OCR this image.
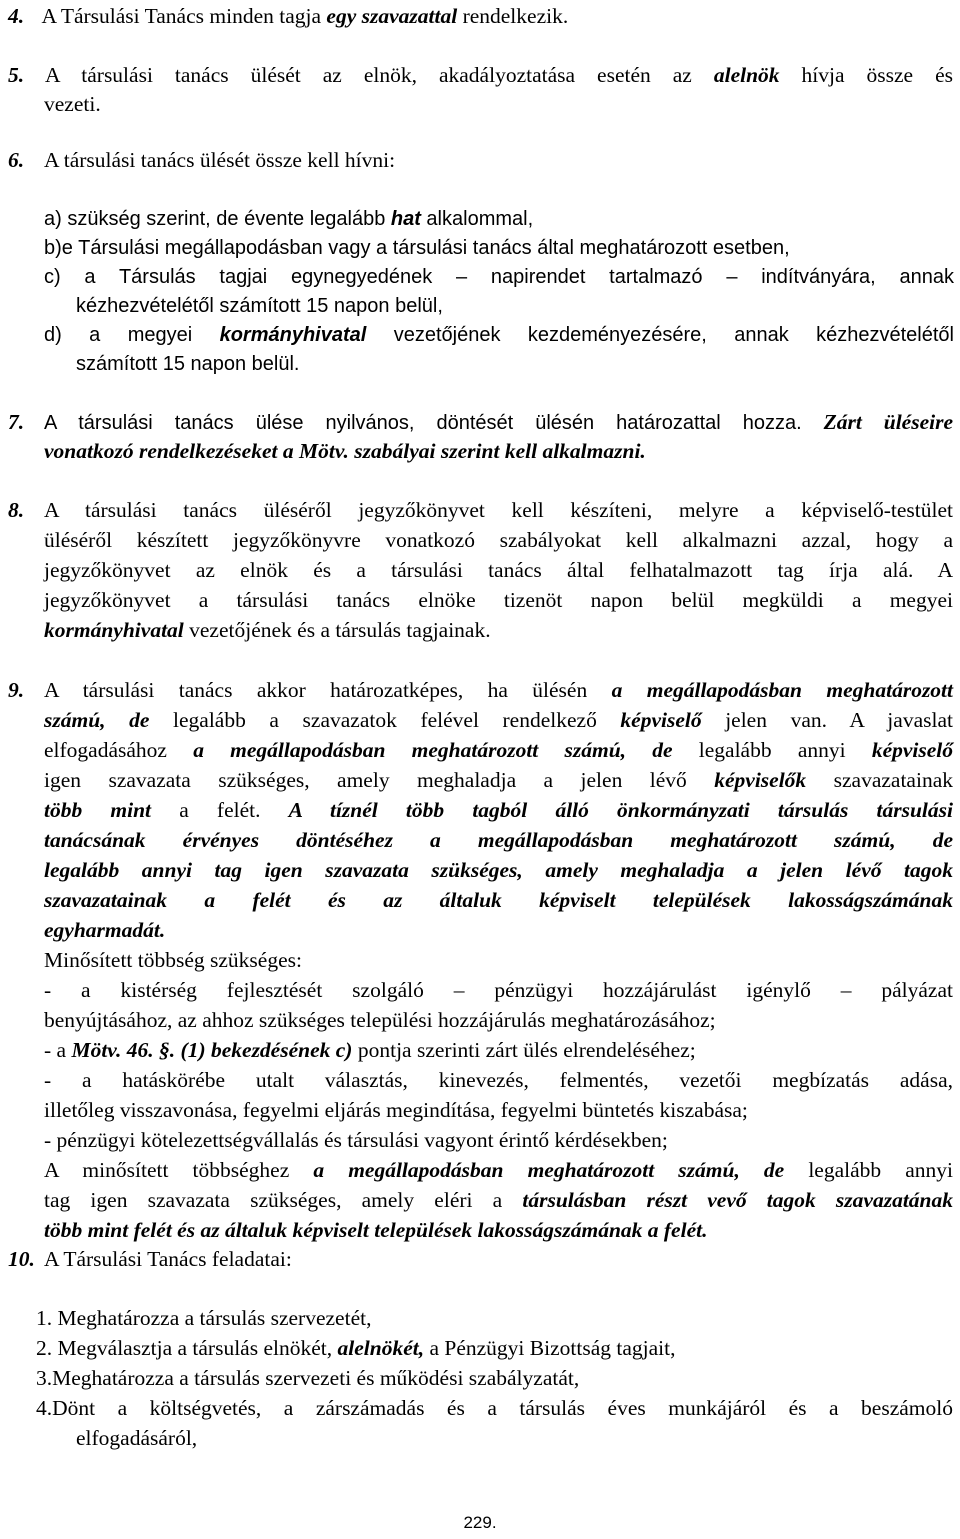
4. A Társulási Tanács minden tagja egy szavazattal rendelkezik.
5. A társulási tanács ülését az elnök, akadályoztatása esetén az alelnök hívja össze és
vezeti.
6. A társulási tanács ülését össze kell hívni:
a) szükség szerint, de évente legalább hat alkalommal,
b)e Társulási megállapodásban vagy a társulási tanács által meghatározott esetben,
c) a Társulás tagjai egynegyedének – napirendet tartalmazó – indítványára, annak
kézhezvételétől számított 15 napon belül,
d) a megyei kormányhivatal vezetőjének kezdeményezésére, annak kézhezvételétől
számított 15 napon belül.
7. A társulási tanács ülése nyilvános, döntését ülésén határozattal hozza. Zárt üléseire
vonatkozó rendelkezéseket a Mötv. szabályai szerint kell alkalmazni.
8. A társulási tanács üléséről jegyzőkönyvet kell készíteni, melyre a képviselő-testület
üléséről készített jegyzőkönyvre vonatkozó szabályokat kell alkalmazni azzal, hogy a
jegyzőkönyvet az elnök és a társulási tanács által felhatalmazott tag írja alá. A
jegyzőkönyvet a társulási tanács elnöke tizenöt napon belül megküldi a megyei
kormányhivatal vezetőjének és a társulás tagjainak.
9. A társulási tanács akkor határozatképes, ha ülésén a megállapodásban meghatározott
számú, de legalább a szavazatok felével rendelkező képviselő jelen van. A javaslat
elfogadásához a megállapodásban meghatározott számú, de legalább annyi képviselő
igen szavazata szükséges, amely meghaladja a jelen lévő képviselők szavazatainak
több mint a felét. A tíznél több tagból álló önkormányzati társulás társulási
tanácsának érvényes döntéséhez a megállapodásban meghatározott számú, de
legalább annyi tag igen szavazata szükséges, amely meghaladja a jelen lévő tagok
szavazatainak a felét és az általuk képviselt települések lakosságszámának
egyharmadát.
Minősített többség szükséges:
- a kistérség fejlesztését szolgáló – pénzügyi hozzájárulást igénylő – pályázat
benyújtásához, az ahhoz szükséges települési hozzájárulás meghatározásához;
- a Mötv. 46. §. (1) bekezdésének c) pontja szerinti zárt ülés elrendeléséhez;
- a hatáskörébe utalt választás, kinevezés, felmentés, vezetői megbízatás adása,
illetőleg visszavonása, fegyelmi eljárás megindítása, fegyelmi büntetés kiszabása;
- pénzügyi kötelezettségvállalás és társulási vagyont érintő kérdésekben;
A minősített többséghez a megállapodásban meghatározott számú, de legalább annyi
tag igen szavazata szükséges, amely eléri a társulásban részt vevő tagok szavazatának
több mint felét és az általuk képviselt települések lakosságszámának a felét.
10. A Társulási Tanács feladatai:
1. Meghatározza a társulás szervezetét,
2. Megválasztja a társulás elnökét, alelnökét, a Pénzügyi Bizottság tagjait,
3.Meghatározza a társulás szervezeti és működési szabályzatát,
4.Dönt a költségvetés, a zárszámadás és a társulás éves munkájáról és a beszámoló
elfogadásáról,
229.
